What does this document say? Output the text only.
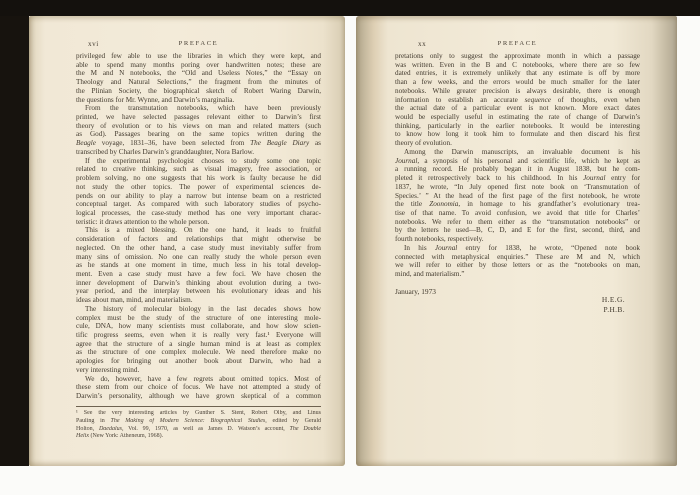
xvi	PREFACE
privileged few able to use the libraries in which they were kept, and
able to spend many months poring over handwritten notes; these are
the M and N notebooks, the “Old and Useless Notes,” the “Essay on
Theology and Natural Selections,” the fragment from the minutes of
the Plinian Society, the biographical sketch of Robert Waring Darwin,
the questions for Mr. Wynne, and Darwin’s marginalia.
From the transmutation notebooks, which have been previously
printed, we have selected passages relevant either to Darwin’s first
theory of evolution or to his views on man and related matters (such
as God). Passages bearing on the same topics written during the
Beagle voyage, 1831–36, have been selected from The Beagle Diary as
transcribed by Charles Darwin’s granddaughter, Nora Barlow.
If the experimental psychologist chooses to study some one topic
related to creative thinking, such as visual imagery, free association, or
problem solving, no one suggests that his work is faulty because he did
not study the other topics. The power of experimental sciences de-
pends on our ability to play a narrow but intense beam on a restricted
conceptual target. As compared with such laboratory studies of psycho-
logical processes, the case-study method has one very important charac-
teristic: it draws attention to the whole person.
This is a mixed blessing. On the one hand, it leads to fruitful
consideration of factors and relationships that might otherwise be
neglected. On the other hand, a case study must inevitably suffer from
many sins of omission. No one can really study the whole person even
as he stands at one moment in time, much less in his total develop-
ment. Even a case study must have a few foci. We have chosen the
inner development of Darwin’s thinking about evolution during a two-
year period, and the interplay between his evolutionary ideas and his
ideas about man, mind, and materialism.
The history of molecular biology in the last decades shows how
complex must be the study of the structure of one interesting mole-
cule, DNA, how many scientists must collaborate, and how slow scien-
tific progress seems, even when it is really very fast.¹ Everyone will
agree that the structure of a single human mind is at least as complex
as the structure of one complex molecule. We need therefore make no
apologies for bringing out another book about Darwin, who had a
very interesting mind.
We do, however, have a few regrets about omitted topics. Most of
these stem from our choice of focus. We have not attempted a study of
Darwin’s personality, although we have grown skeptical of a common
¹ See the very interesting articles by Gunther S. Stent, Robert Olby, and Linus
Pauling in The Making of Modern Science: Biographical Studies, edited by Gerald
Holton, Daedalus, Vol. 99, 1970, as well as James D. Watson’s account, The Double
Helix (New York: Atheneum, 1968).
xx	PREFACE
pretations only to suggest the approximate month in which a passage
was written. Even in the B and C notebooks, where there are so few
dated entries, it is extremely unlikely that any estimate is off by more
than a few weeks, and the errors would be much smaller for the later
notebooks. While greater precision is always desirable, there is enough
information to establish an accurate sequence of thoughts, even when
the actual date of a particular event is not known. More exact dates
would be especially useful in estimating the rate of change of Darwin’s
thinking, particularly in the earlier notebooks. It would be interesting
to know how long it took him to formulate and then discard his first
theory of evolution.
Among the Darwin manuscripts, an invaluable document is his
Journal, a synopsis of his personal and scientific life, which he kept as
a running record. He probably began it in August 1838, but he com-
pleted it retrospectively back to his childhood. In his Journal entry for
1837, he wrote, “In July opened first note book on ‘Transmutation of
Species.’ ” At the head of the first page of the first notebook, he wrote
the title Zoonomia, in homage to his grandfather’s evolutionary trea-
tise of that name. To avoid confusion, we avoid that title for Charles’
notebooks. We refer to them either as the “transmutation notebooks” or
by the letters he used—B, C, D, and E for the first, second, third, and
fourth notebooks, respectively.
In his Journal entry for 1838, he wrote, “Opened note book
connected with metaphysical enquiries.” These are M and N, which
we will refer to either by those letters or as the “notebooks on man,
mind, and materialism.”
January, 1973
H.E.G.
P.H.B.
